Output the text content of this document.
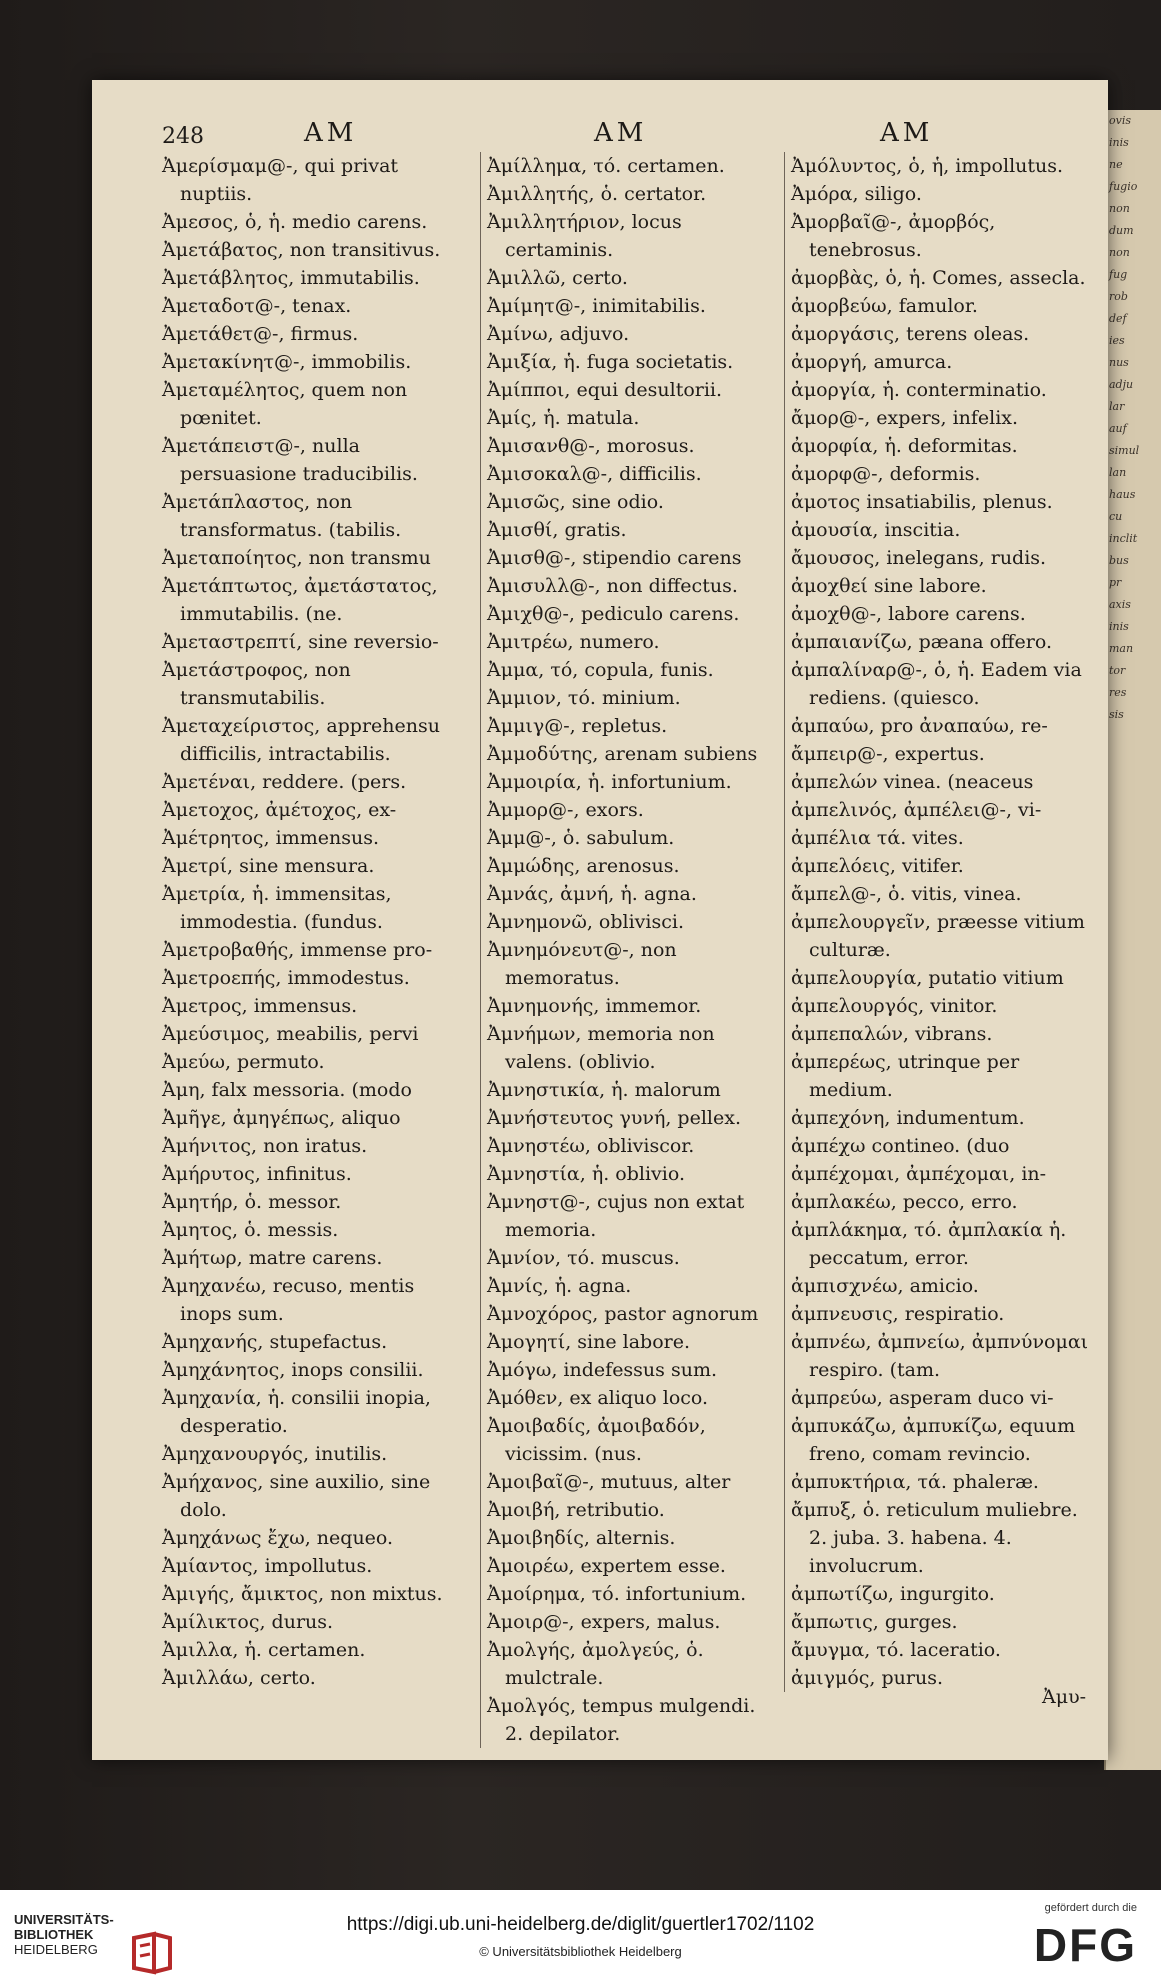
ovis
inis
ne
fugio
non
dum
non
fug
rob
def
ies
nus
adju
lar
auf
simul
lan
haus
cu
inclit
bus
pr
axis
inis
man
tor
res
sis
248	AM	AM	AM

Ἀμερίσμαμ@-, qui privat nuptiis.

Ἀμεσος, ὁ, ἡ. medio carens.

Ἀμετάβατος, non transitivus.

Ἀμετάβλητος, immutabilis.

Ἀμεταδοτ@-, tenax.

Ἀμετάθετ@-, firmus.

Ἀμετακίνητ@-, immobilis.

Ἀμεταμέλητος, quem non pœnitet.

Ἀμετάπειστ@-, nulla persuasione traducibilis.

Ἀμετάπλαστος, non transformatus. (tabilis.

Ἀμεταποίητος, non transmu

Ἀμετάπτωτος, ἀμετάστατος, immutabilis. (ne.

Ἀμεταστρεπτί, sine reversio-

Ἀμετάστροφος, non transmutabilis.

Ἀμεταχείριστος, apprehensu difficilis, intractabilis.

Ἀμετέναι, reddere. (pers.

Ἀμετοχος, ἀμέτοχος, ex-

Ἀμέτρητος, immensus.

Ἀμετρί, sine mensura.

Ἀμετρία, ἡ. immensitas, immodestia. (fundus.

Ἀμετροβαθής, immense pro-

Ἀμετροεπής, immodestus.

Ἀμετρος, immensus.

Ἀμεύσιμος, meabilis, pervi

Ἀμεύω, permuto.

Ἀμη, falx messoria. (modo

Ἀμῆγε, ἀμηγέπως, aliquo

Ἀμήνιτος, non iratus.

Ἀμήρυτος, infinitus.

Ἀμητήρ, ὁ. messor.

Ἀμητος, ὁ. messis.

Ἀμήτωρ, matre carens.

Ἀμηχανέω, recuso, mentis inops sum.

Ἀμηχανής, stupefactus.

Ἀμηχάνητος, inops consilii.

Ἀμηχανία, ἡ. consilii inopia, desperatio.

Ἀμηχανουργός, inutilis.

Ἀμήχανος, sine auxilio, sine dolo.

Ἀμηχάνως ἔχω, nequeo.

Ἀμίαντος, impollutus.

Ἀμιγής, ἄμικτος, non mixtus.

Ἀμίλικτος, durus.

Ἀμιλλα, ἡ. certamen.

Ἀμιλλάω, certo.

Ἀμίλλημα, τό. certamen.

Ἀμιλλητής, ὁ. certator.

Ἀμιλλητήριον, locus certaminis.

Ἀμιλλῶ, certo.

Ἀμίμητ@-, inimitabilis.

Ἀμίνω, adjuvo.

Ἀμιξία, ἡ. fuga societatis.

Ἀμίπποι, equi desultorii.

Ἀμίς, ἡ. matula.

Ἀμισανθ@-, morosus.

Ἀμισοκαλ@-, difficilis.

Ἀμισῶς, sine odio.

Ἀμισθί, gratis.

Ἀμισθ@-, stipendio carens

Ἀμισυλλ@-, non diffectus.

Ἀμιχθ@-, pediculo carens.

Ἀμιτρέω, numero.

Ἀμμα, τό, copula, funis.

Ἀμμιον, τό. minium.

Ἀμμιγ@-, repletus.

Ἀμμοδύτης, arenam subiens

Ἀμμοιρία, ἡ. infortunium.

Ἀμμορ@-, exors.

Ἀμμ@-, ὁ. sabulum.

Ἀμμώδης, arenosus.

Ἀμνάς, ἀμνή, ἡ. agna.

Ἀμνημονῶ, oblivisci.

Ἀμνημόνευτ@-, non memoratus.

Ἀμνημονής, immemor.

Ἀμνήμων, memoria non valens. (oblivio.

Ἀμνηστικία, ἡ. malorum

Ἀμνήστευτος γυνή, pellex.

Ἀμνηστέω, obliviscor.

Ἀμνηστία, ἡ. oblivio.

Ἀμνηστ@-, cujus non extat memoria.

Ἀμνίον, τό. muscus.

Ἀμνίς, ἡ. agna.

Ἀμνοχόρος, pastor agnorum

Ἀμογητί, sine labore.

Ἀμόγω, indefessus sum.

Ἀμόθεν, ex aliquo loco.

Ἀμοιβαδίς, ἀμοιβαδόν, vicissim. (nus.

Ἀμοιβαῖ@-, mutuus, alter

Ἀμοιβή, retributio.

Ἀμοιβηδίς, alternis.

Ἀμοιρέω, expertem esse.

Ἀμοίρημα, τό. infortunium.

Ἀμοιρ@-, expers, malus.

Ἀμολγής, ἀμολγεύς, ὁ. mulctrale.

Ἀμολγός, tempus mulgendi. 2. depilator.

Ἀμόλυντος, ὁ, ἡ, impollutus.

Ἀμόρα, siligo.

Ἀμορβαῖ@-, ἀμορβός, tenebrosus.

ἀμορβὰς, ὁ, ἡ. Comes, assecla.

ἀμορβεύω, famulor.

ἀμοργάσις, terens oleas.

ἀμοργή, amurca.

ἀμοργία, ἡ. conterminatio.

ἄμορ@-, expers, infelix.

ἀμορφία, ἡ. deformitas.

ἀμορφ@-, deformis.

ἀμοτος insatiabilis, plenus.

ἀμουσία, inscitia.

ἄμουσος, inelegans, rudis.

ἀμοχθεί sine labore.

ἀμοχθ@-, labore carens.

ἀμπαιανίζω, pæana offero.

ἀμπαλίναρ@-, ὁ, ἡ. Eadem via rediens. (quiesco.

ἀμπαύω, pro ἀναπαύω, re-

ἄμπειρ@-, expertus.

ἀμπελών vinea. (neaceus

ἀμπελινός, ἀμπέλει@-, vi-

ἀμπέλια τά. vites.

ἀμπελόεις, vitifer.

ἄμπελ@-, ὁ. vitis, vinea.

ἀμπελουργεῖν, præesse vitium culturæ.

ἀμπελουργία, putatio vitium

ἀμπελουργός, vinitor.

ἀμπεπαλών, vibrans.

ἀμπερέως, utrinque per medium.

ἀμπεχόνη, indumentum.

ἀμπέχω contineo. (duo

ἀμπέχομαι, ἀμπέχομαι, in-

ἀμπλακέω, pecco, erro.

ἀμπλάκημα, τό. ἀμπλακία ἡ. peccatum, error.

ἀμπισχνέω, amicio.

ἀμπνευσις, respiratio.

ἀμπνέω, ἀμπνείω, ἀμπνύνομαι respiro. (tam.

ἀμπρεύω, asperam duco vi-

ἀμπυκάζω, ἀμπυκίζω, equum freno, comam revincio.

ἀμπυκτήρια, τά. phaleræ.

ἄμπυξ, ὁ. reticulum muliebre. 2. juba. 3. habena. 4. involucrum.

ἀμπωτίζω, ingurgito.

ἄμπωτις, gurges.

ἄμυγμα, τό. laceratio.

ἀμιγμός, purus.

Ἀμυ-
UNIVERSITÄTS-
BIBLIOTHEK
HEIDELBERG
https://digi.ub.uni-heidelberg.de/diglit/guertler1702/1102
© Universitätsbibliothek Heidelberg
gefördert durch die
DFG
